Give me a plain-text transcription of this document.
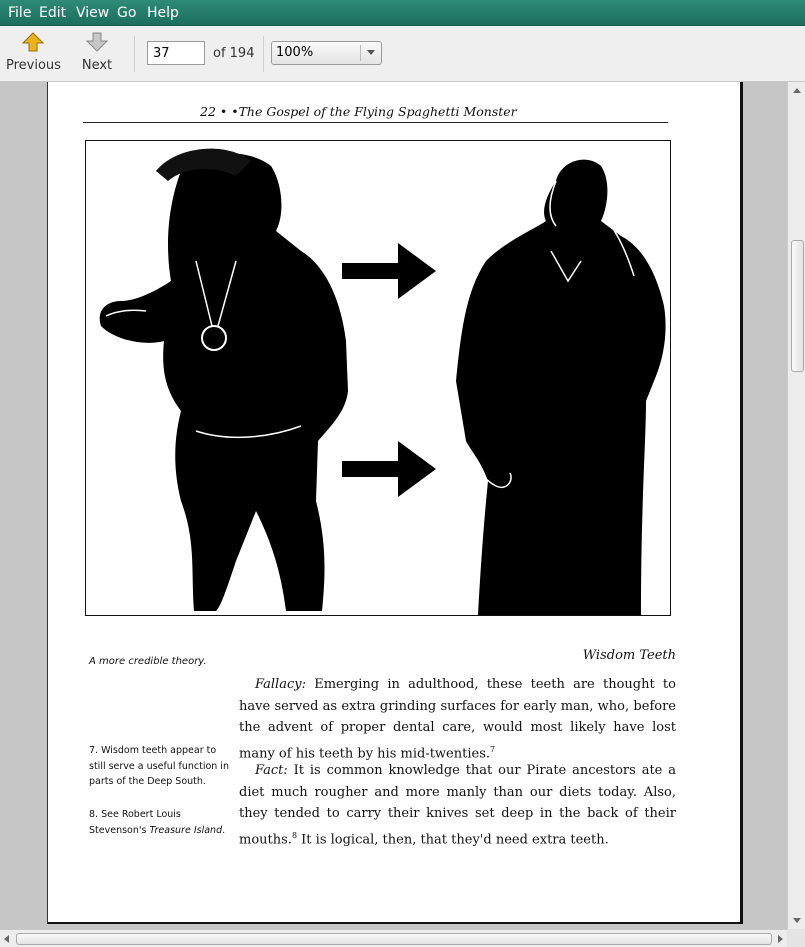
File Edit View Go Help
Previous Next
37
of 194	100%
22 • •The Gospel of the Flying Spaghetti Monster
A more credible theory.	Wisdom Teeth
Fallacy: Emerging in adulthood, these teeth are thought to have served as extra grinding surfaces for early man, who, before the advent of proper dental care, would most likely have lost many of his teeth by his mid-twenties.$^7$
Fact: It is common knowledge that our Pirate ancestors ate a diet much rougher and more manly than our diets today. Also, they tended to carry their knives set deep in the back of their mouths.$^8$ It is logical, then, that they'd need extra teeth.
7. Wisdom teeth appear to still serve a useful function in parts of the Deep South.
8. See Robert Louis Stevenson's Treasure Island.
